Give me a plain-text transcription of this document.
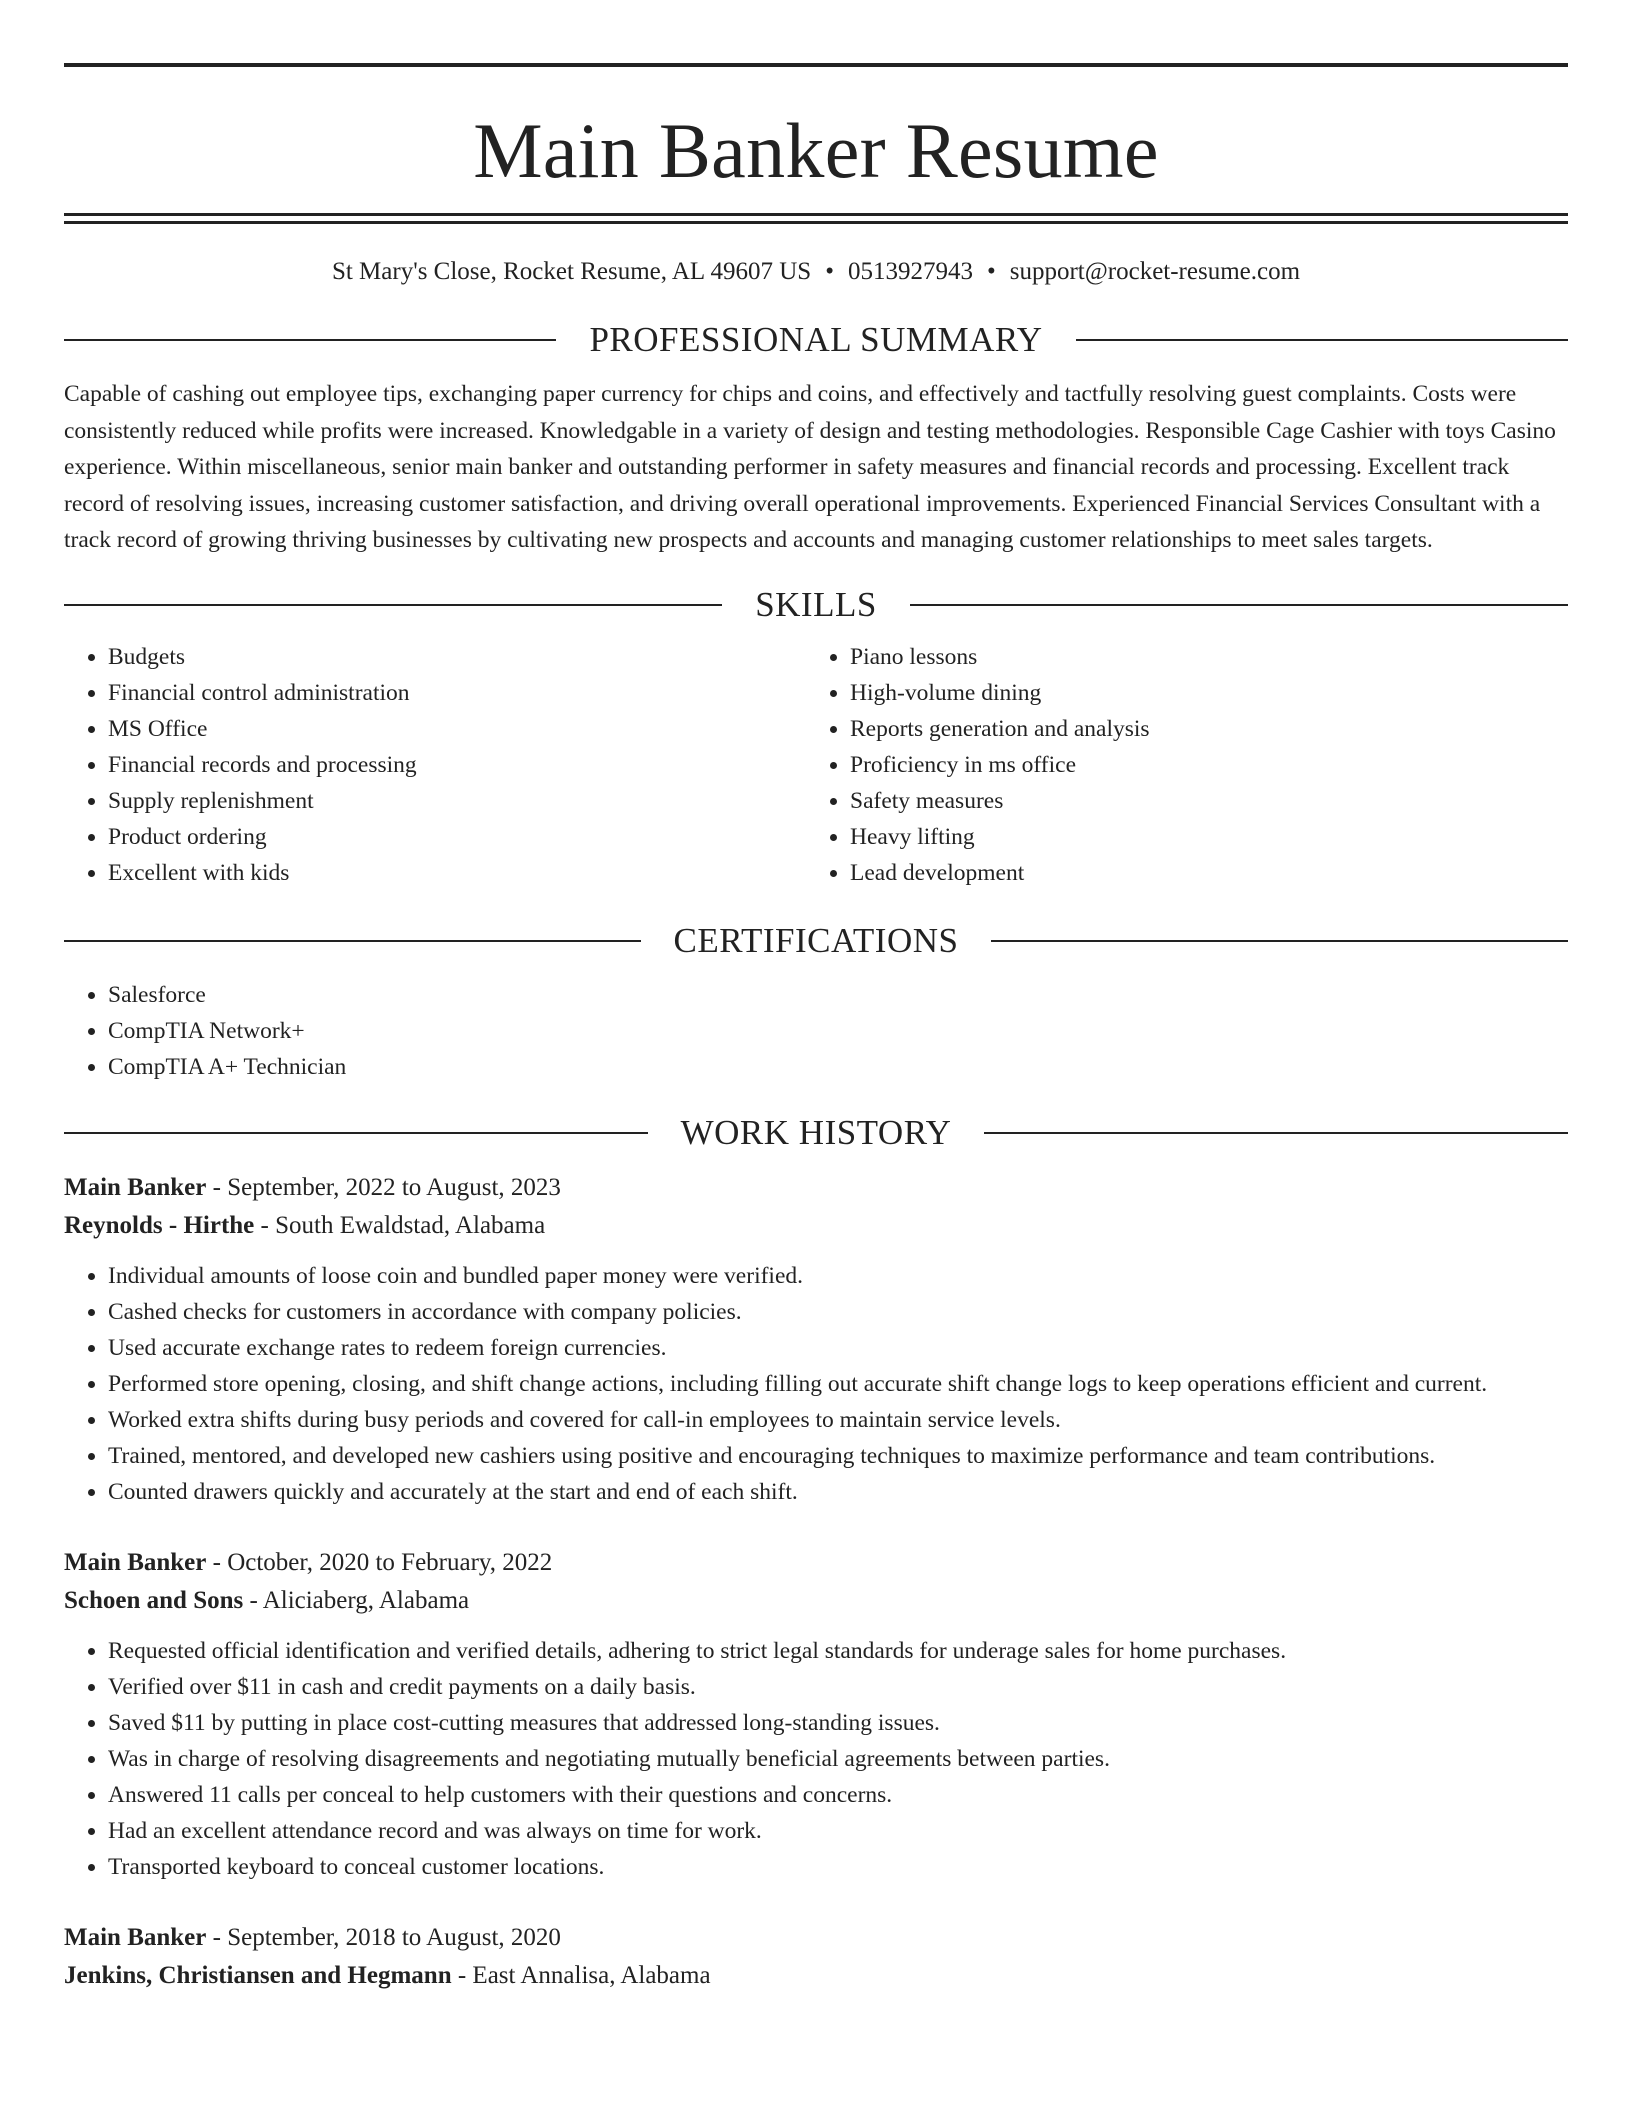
Main Banker Resume
St Mary's Close, Rocket Resume, AL 49607 US • 0513927943 • support@rocket-resume.com
PROFESSIONAL SUMMARY

Capable of cashing out employee tips, exchanging paper currency for chips and coins, and effectively and tactfully resolving guest complaints. Costs were consistently reduced while profits were increased. Knowledgable in a variety of design and testing methodologies. Responsible Cage Cashier with toys Casino experience. Within miscellaneous, senior main banker and outstanding performer in safety measures and financial records and processing. Excellent track record of resolving issues, increasing customer satisfaction, and driving overall operational improvements. Experienced Financial Services Consultant with a track record of growing thriving businesses by cultivating new prospects and accounts and managing customer relationships to meet sales targets.

SKILLS
• Budgets
• Financial control administration
• MS Office
• Financial records and processing
• Supply replenishment
• Product ordering
• Excellent with kids
• Piano lessons
• High-volume dining
• Reports generation and analysis
• Proficiency in ms office
• Safety measures
• Heavy lifting
• Lead development
CERTIFICATIONS
• Salesforce
• CompTIA Network+
• CompTIA A+ Technician
WORK HISTORY
Main Banker - September, 2022 to August, 2023
Reynolds - Hirthe - South Ewaldstad, Alabama
• Individual amounts of loose coin and bundled paper money were verified.
• Cashed checks for customers in accordance with company policies.
• Used accurate exchange rates to redeem foreign currencies.
• Performed store opening, closing, and shift change actions, including filling out accurate shift change logs to keep operations efficient and current.
• Worked extra shifts during busy periods and covered for call-in employees to maintain service levels.
• Trained, mentored, and developed new cashiers using positive and encouraging techniques to maximize performance and team contributions.
• Counted drawers quickly and accurately at the start and end of each shift.
Main Banker - October, 2020 to February, 2022
Schoen and Sons - Aliciaberg, Alabama
• Requested official identification and verified details, adhering to strict legal standards for underage sales for home purchases.
• Verified over $11 in cash and credit payments on a daily basis.
• Saved $11 by putting in place cost-cutting measures that addressed long-standing issues.
• Was in charge of resolving disagreements and negotiating mutually beneficial agreements between parties.
• Answered 11 calls per conceal to help customers with their questions and concerns.
• Had an excellent attendance record and was always on time for work.
• Transported keyboard to conceal customer locations.
Main Banker - September, 2018 to August, 2020
Jenkins, Christiansen and Hegmann - East Annalisa, Alabama
